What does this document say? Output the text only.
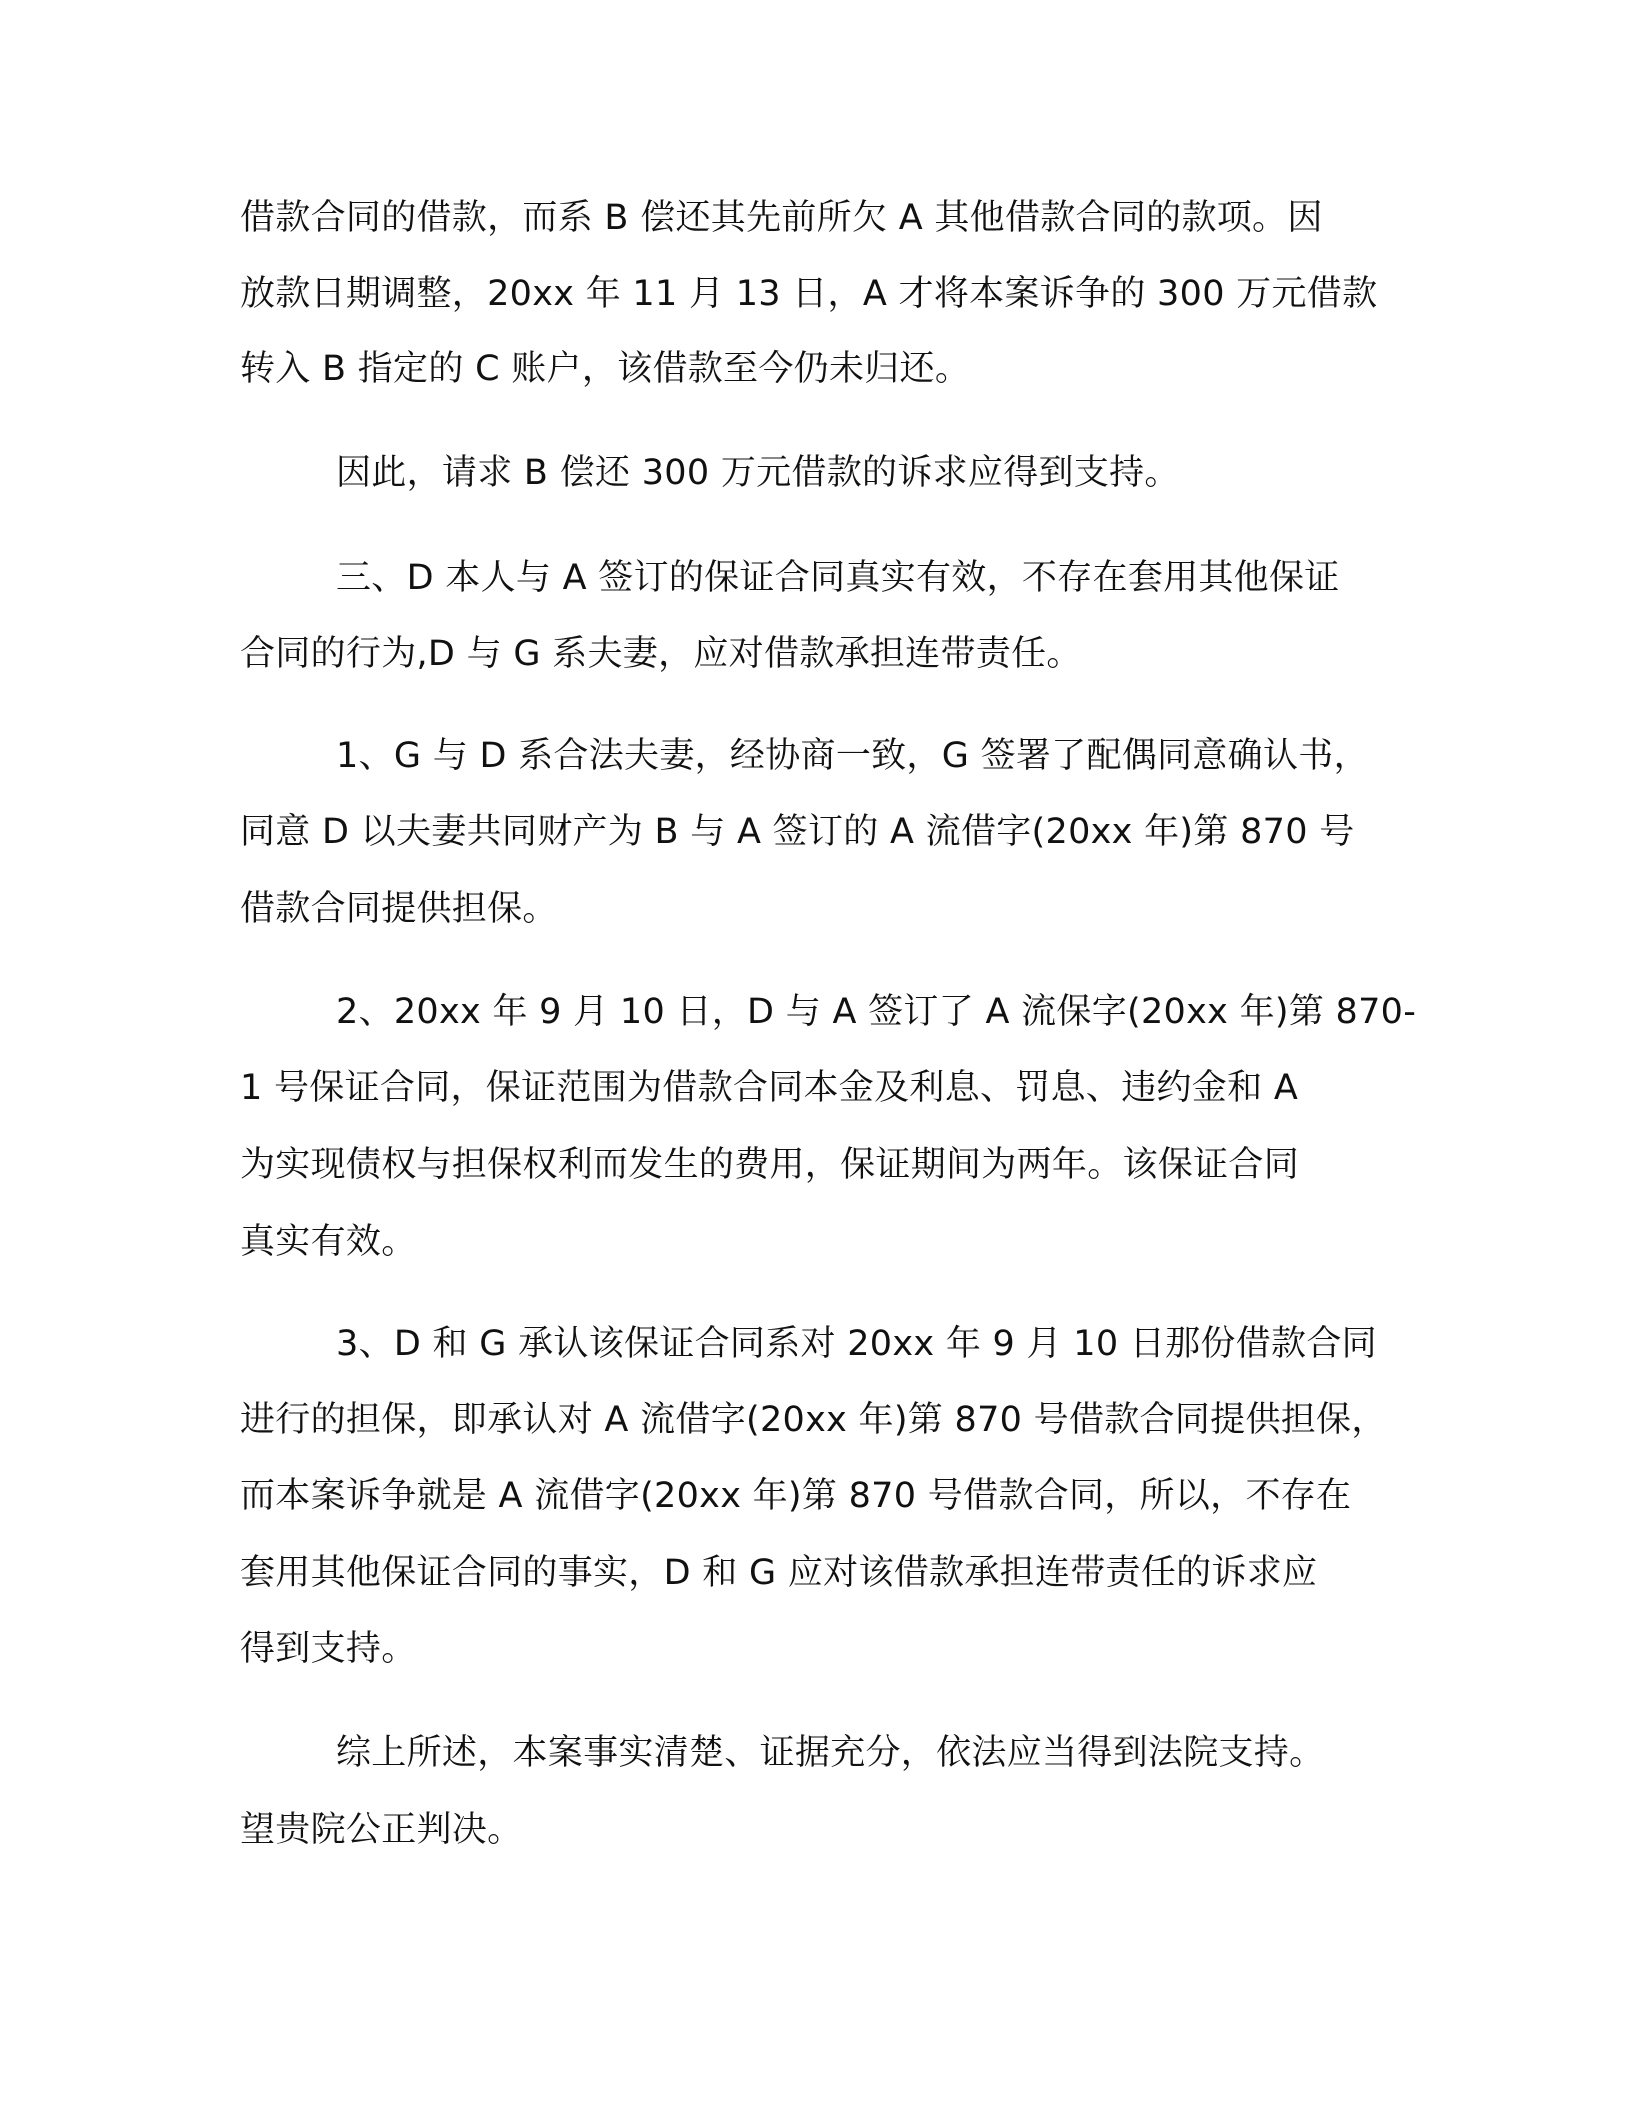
借款合同的借款，而系 B 偿还其先前所欠 A 其他借款合同的款项。因
放款日期调整，20xx 年 11 月 13 日，A 才将本案诉争的 300 万元借款
转入 B 指定的 C 账户，该借款至今仍未归还。
因此，请求 B 偿还 300 万元借款的诉求应得到支持。
三、D 本人与 A 签订的保证合同真实有效，不存在套用其他保证
合同的行为,D 与 G 系夫妻，应对借款承担连带责任。
1、G 与 D 系合法夫妻，经协商一致，G 签署了配偶同意确认书，
同意 D 以夫妻共同财产为 B 与 A 签订的 A 流借字(20xx 年)第 870 号
借款合同提供担保。
2、20xx 年 9 月 10 日，D 与 A 签订了 A 流保字(20xx 年)第 870-
1 号保证合同，保证范围为借款合同本金及利息、罚息、违约金和 A
为实现债权与担保权利而发生的费用，保证期间为两年。该保证合同
真实有效。
3、D 和 G 承认该保证合同系对 20xx 年 9 月 10 日那份借款合同
进行的担保，即承认对 A 流借字(20xx 年)第 870 号借款合同提供担保，
而本案诉争就是 A 流借字(20xx 年)第 870 号借款合同，所以，不存在
套用其他保证合同的事实，D 和 G 应对该借款承担连带责任的诉求应
得到支持。
综上所述，本案事实清楚、证据充分，依法应当得到法院支持。
望贵院公正判决。
